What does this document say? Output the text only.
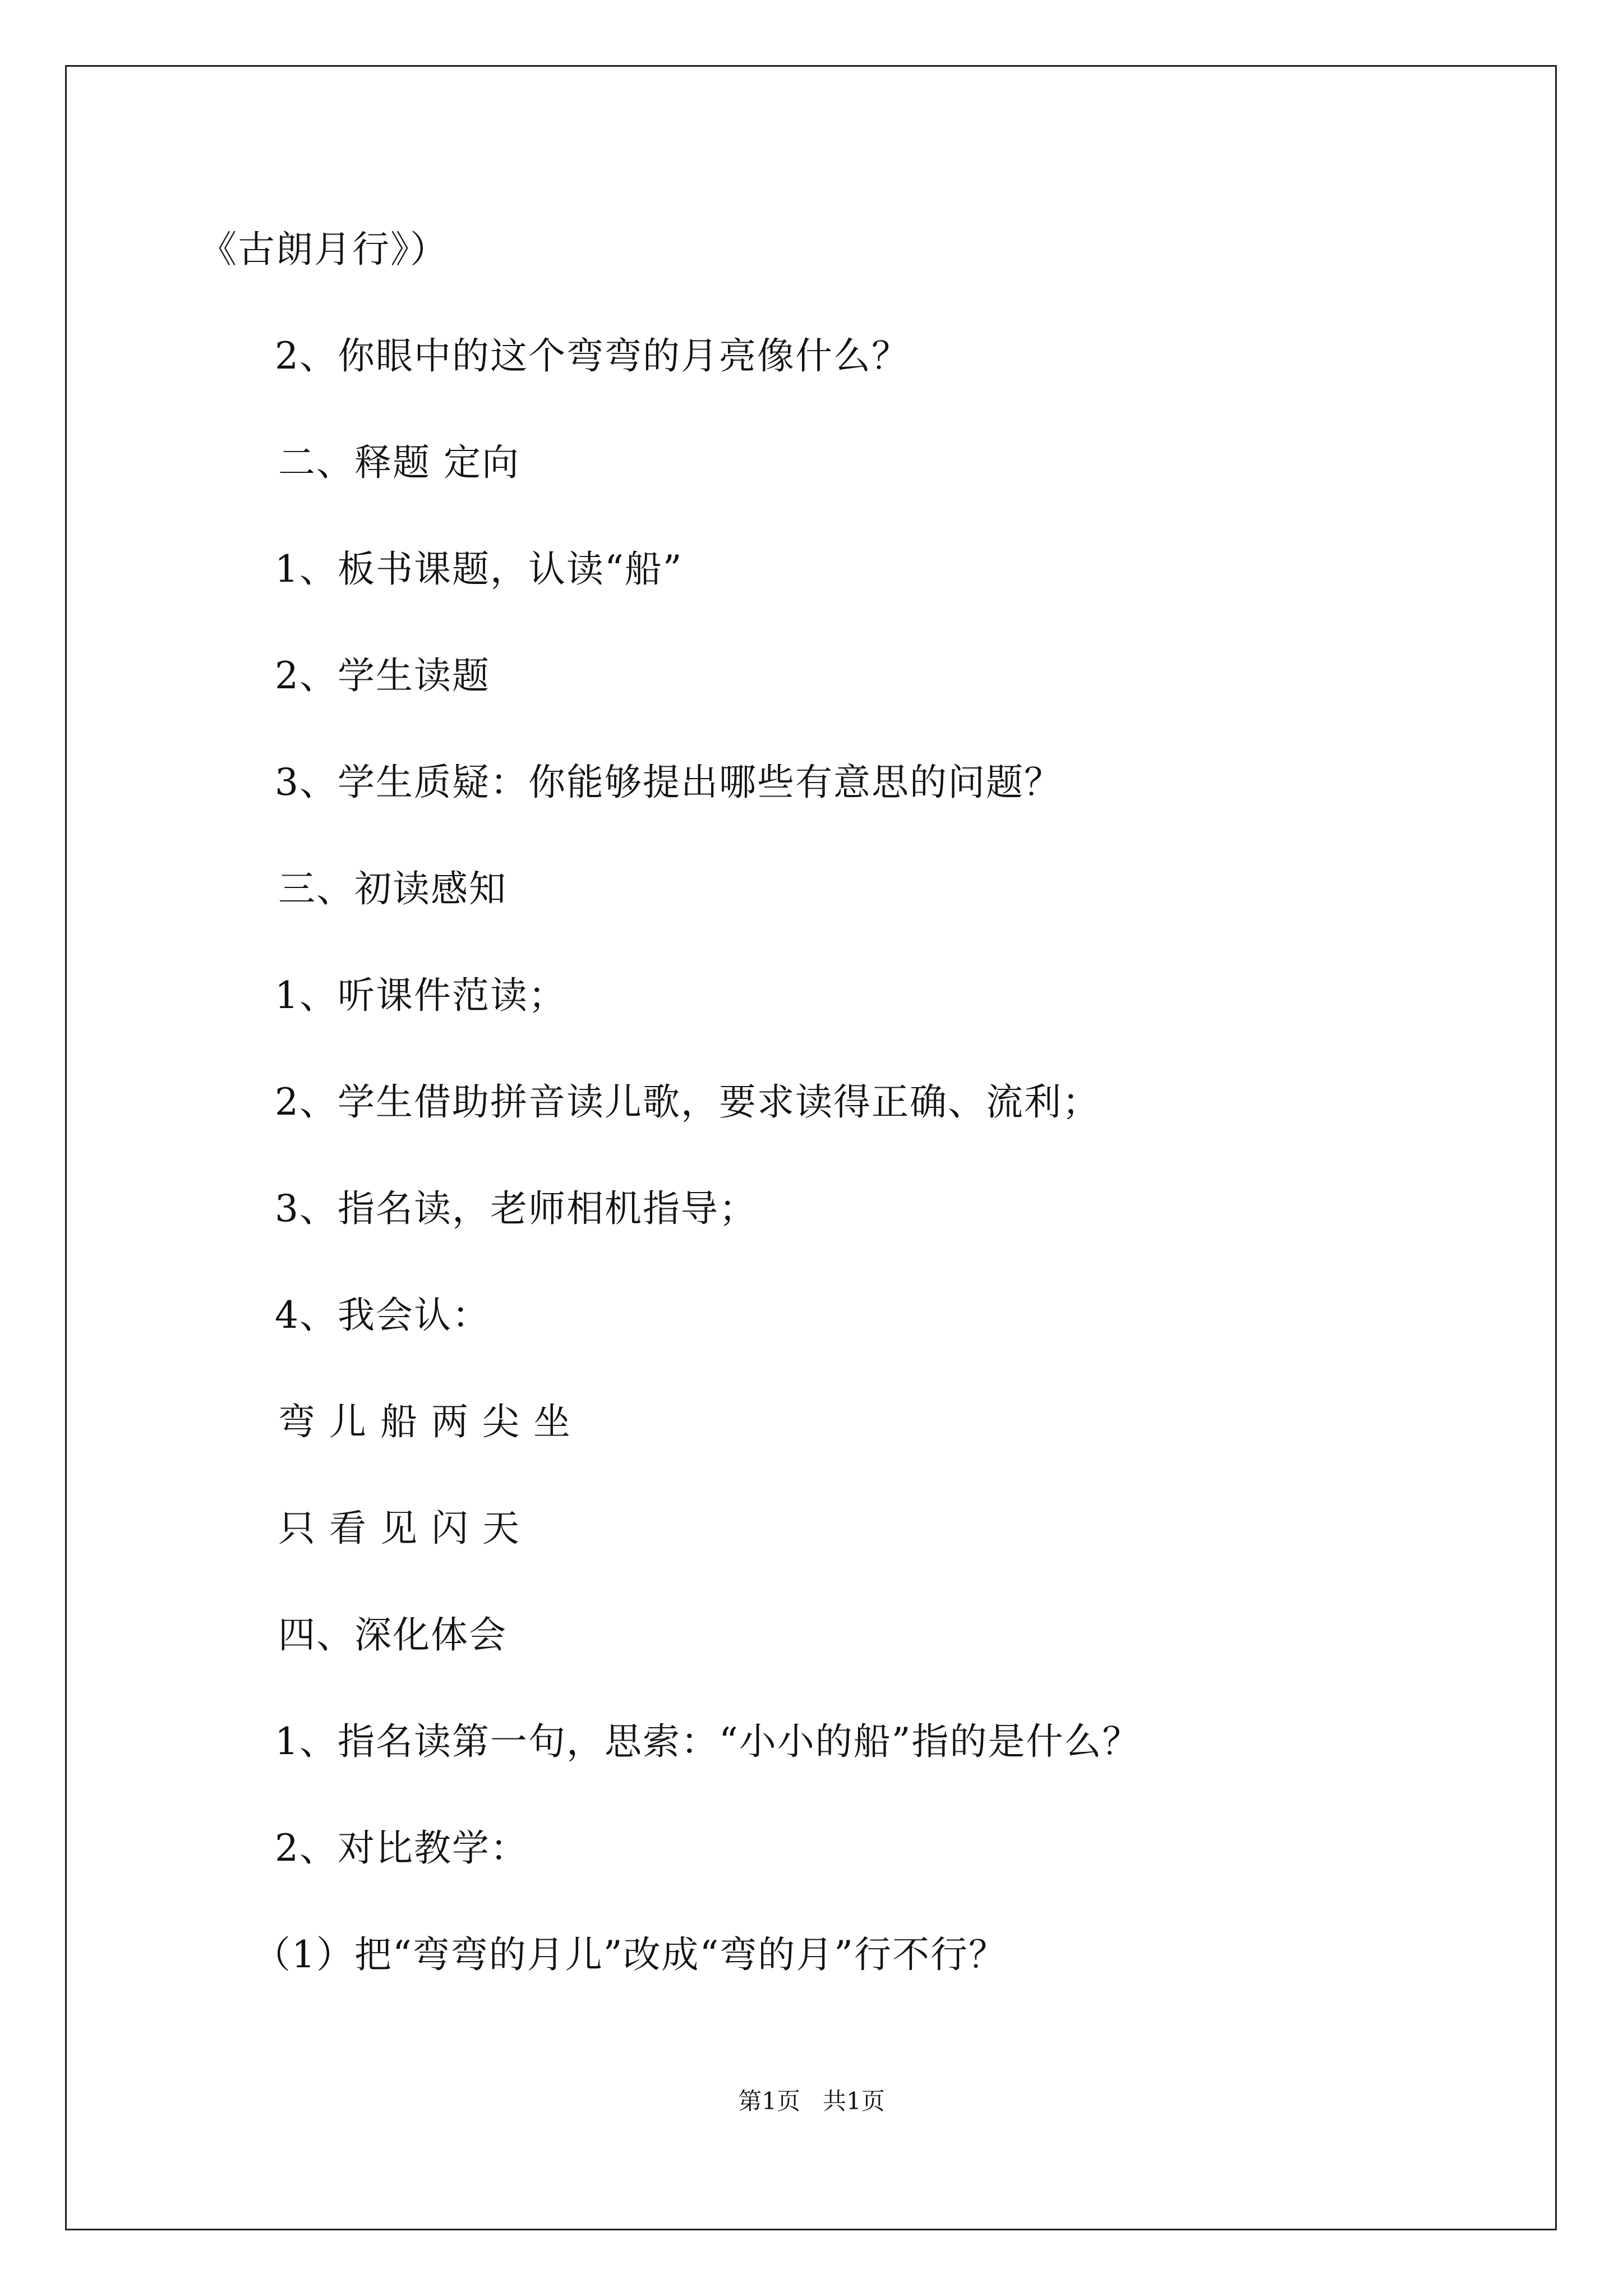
《古朗月行》）
2、你眼中的这个弯弯的月亮像什么？
二、释题 定向
1、板书课题，认读“船”
2、学生读题
3、学生质疑：你能够提出哪些有意思的问题？
三、初读感知
1、听课件范读；
2、学生借助拼音读儿歌，要求读得正确、流利；
3、指名读，老师相机指导；
4、我会认：
弯 儿 船 两 尖 坐
只 看 见 闪 天
四、深化体会
1、指名读第一句，思索：“小小的船”指的是什么？
2、对比教学：
（1）把“弯弯的月儿”改成“弯的月”行不行？
第1页   共1页
